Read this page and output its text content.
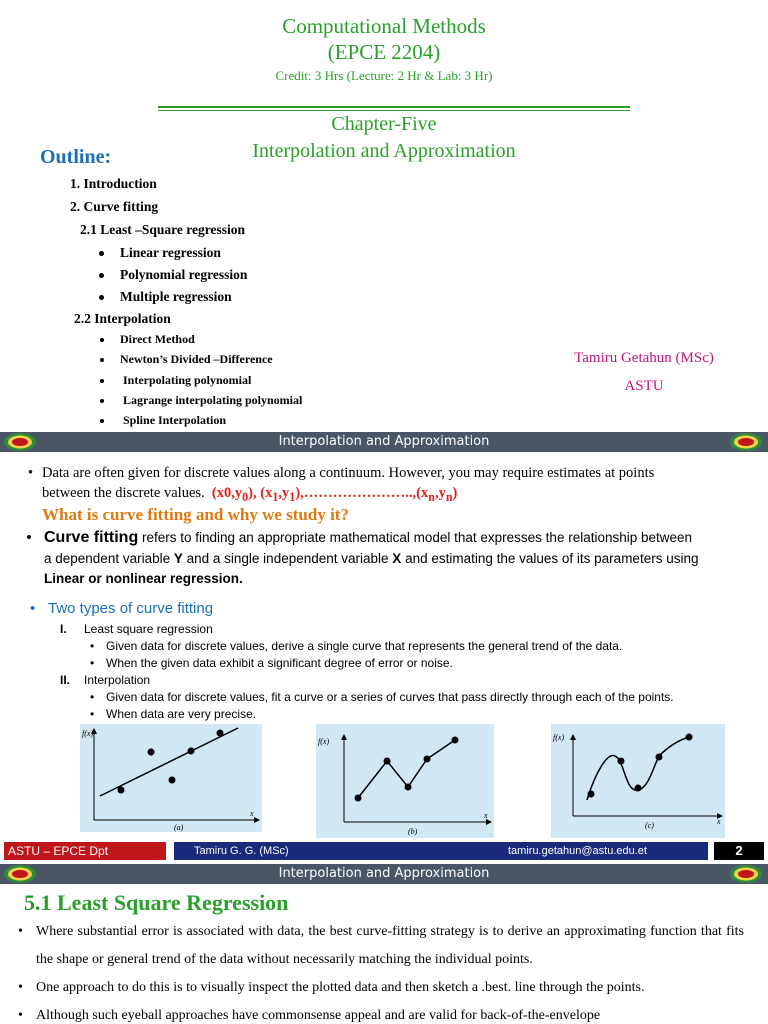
Computational Methods
(EPCE 2204)
Credit: 3 Hrs (Lecture: 2 Hr & Lab: 3 Hr)
Chapter-Five
Interpolation and Approximation
Outline:
1. Introduction
2. Curve fitting
2.1 Least –Square regression
Linear regression
Polynomial regression
Multiple regression
2.2 Interpolation
Direct Method
Newton’s Divided –Difference
Interpolating polynomial
Lagrange interpolating polynomial
Spline Interpolation
Tamiru Getahun (MSc)
ASTU
Interpolation and Approximation
• Data are often given for discrete values along a continuum. However, you may require estimates at points
between the discrete values.  $(x0,y_0)$, $(x_1,y_1),\dots\dots\dots\dots\dots\dots\dots..,(x_n,y_n)$
What is curve fitting and why we study it?
• Curve fitting refers to finding an appropriate mathematical model that expresses the relationship between
a dependent variable Y and a single independent variable X and estimating the values of its parameters using
Linear or nonlinear regression.
• Two types of curve fitting
I. Least square regression
• Given data for discrete values, derive a single curve that represents the general trend of the data.
• When the given data exhibit a significant degree of error or noise.
II. Interpolation
• Given data for discrete values, fit a curve or a series of curves that pass directly through each of the points.
• When data are very precise.
f(x)
x
(a)
f(x)
x
(b)
f(x)
x
(c)
ASTU – EPCE Dpt	Tamiru G. G. (MSc)	tamiru.getahun@astu.edu.et	2
Interpolation and Approximation
5.1 Least Square Regression
• Where substantial error is associated with data, the best curve-fitting strategy is to derive an approximating function that fits the shape or general trend of the data without necessarily matching the individual points.
• One approach to do this is to visually inspect the plotted data and then sketch a .best. line through the points.
• Although such eyeball approaches have commonsense appeal and are valid for back-of-the-envelope
